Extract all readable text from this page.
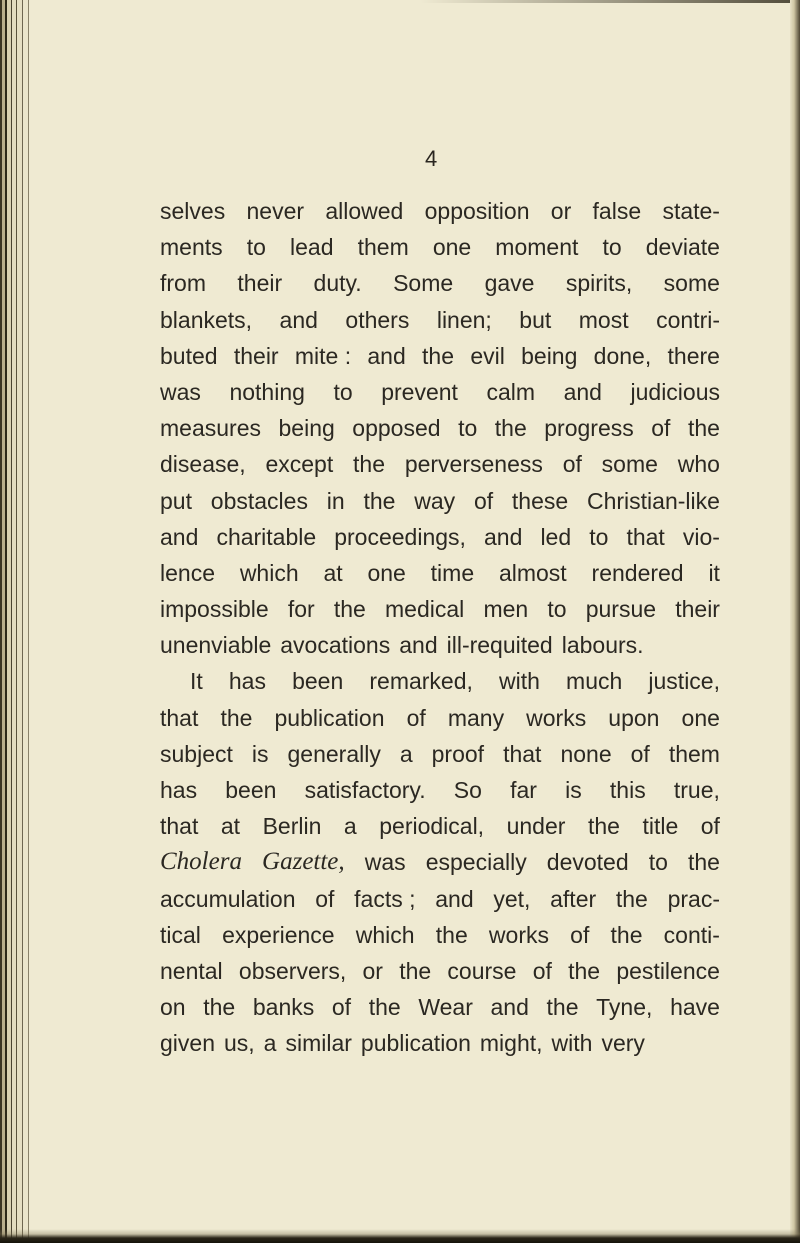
4
selves never allowed opposition or false state-
ments to lead them one moment to deviate
from their duty. Some gave spirits, some
blankets, and others linen; but most contri-
buted their mite : and the evil being done, there
was nothing to prevent calm and judicious
measures being opposed to the progress of the
disease, except the perverseness of some who
put obstacles in the way of these Christian-like
and charitable proceedings, and led to that vio-
lence which at one time almost rendered it
impossible for the medical men to pursue their
unenviable avocations and ill-requited labours.
It has been remarked, with much justice,
that the publication of many works upon one
subject is generally a proof that none of them
has been satisfactory. So far is this true,
that at Berlin a periodical, under the title of
Cholera Gazette, was especially devoted to the
accumulation of facts ; and yet, after the prac-
tical experience which the works of the conti-
nental observers, or the course of the pestilence
on the banks of the Wear and the Tyne, have
given us, a similar publication might, with very
